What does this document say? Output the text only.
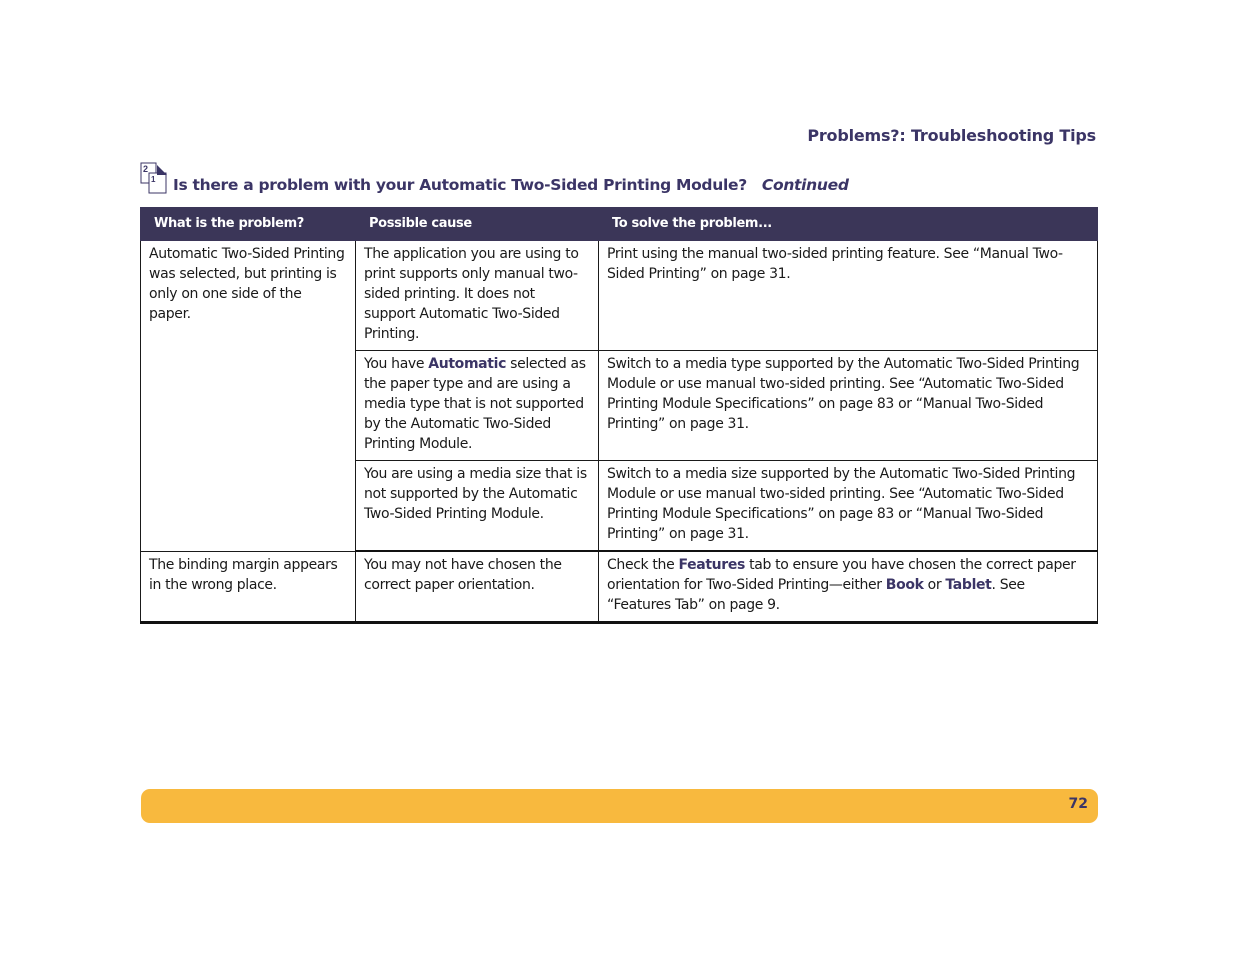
Problems?: Troubleshooting Tips
2
1 Is there a problem with your Automatic Two-Sided Printing Module? Continued
What is the problem?	Possible cause	To solve the problem...
Automatic Two-Sided Printing was selected, but printing is only on one side of the paper.	The application you are using to print supports only manual two-sided printing. It does not support Automatic Two-Sided Printing.	Print using the manual two-sided printing feature. See “Manual Two-Sided Printing” on page 31.
	You have Automatic selected as the paper type and are using a media type that is not supported by the Automatic Two-Sided Printing Module.	Switch to a media type supported by the Automatic Two-Sided Printing Module or use manual two-sided printing. See “Automatic Two-Sided Printing Module Specifications” on page 83 or “Manual Two-Sided Printing” on page 31.
	You are using a media size that is not supported by the Automatic Two-Sided Printing Module.	Switch to a media size supported by the Automatic Two-Sided Printing Module or use manual two-sided printing. See “Automatic Two-Sided Printing Module Specifications” on page 83 or “Manual Two-Sided Printing” on page 31.
The binding margin appears in the wrong place.	You may not have chosen the correct paper orientation.	Check the Features tab to ensure you have chosen the correct paper orientation for Two-Sided Printing—either Book or Tablet. See “Features Tab” on page 9.
72
